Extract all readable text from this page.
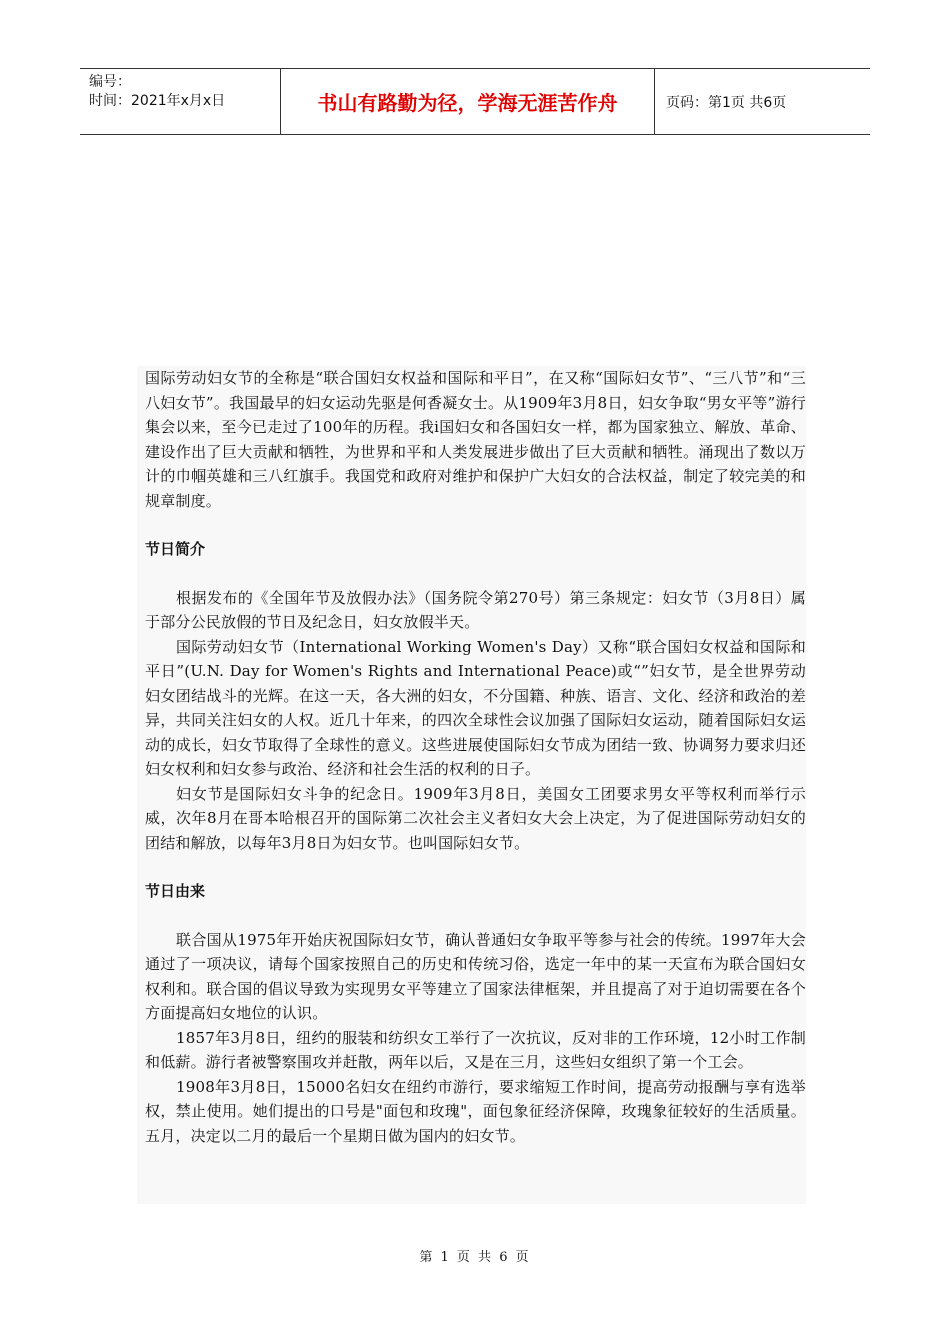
编号：
时间：2021年x月x日	书山有路勤为径，学海无涯苦作舟	页码：第1页 共6页

国际劳动妇女节的全称是“联合国妇女权益和国际和平日”，在又称“国际妇女节”、“三八节”和“三八妇女节”。我国最早的妇女运动先驱是何香凝女士。从1909年3月8日，妇女争取“男女平等”游行集会以来，至今已走过了100年的历程。我i国妇女和各国妇女一样，都为国家独立、解放、革命、建设作出了巨大贡献和牺牲，为世界和平和人类发展进步做出了巨大贡献和牺牲。涌现出了数以万计的巾帼英雄和三八红旗手。我国党和政府对维护和保护广大妇女的合法权益，制定了较完美的和规章制度。

节日简介

根据发布的《全国年节及放假办法》（国务院令第270号）第三条规定：妇女节（3月8日）属于部分公民放假的节日及纪念日，妇女放假半天。

国际劳动妇女节（International Working Women's Day）又称“联合国妇女权益和国际和平日”(U.N. Day for Women's Rights and International Peace)或“”妇女节，是全世界劳动妇女团结战斗的光辉。在这一天，各大洲的妇女，不分国籍、种族、语言、文化、经济和政治的差异，共同关注妇女的人权。近几十年来，的四次全球性会议加强了国际妇女运动，随着国际妇女运动的成长，妇女节取得了全球性的意义。这些进展使国际妇女节成为团结一致、协调努力要求归还妇女权利和妇女参与政治、经济和社会生活的权利的日子。

妇女节是国际妇女斗争的纪念日。1909年3月8日，美国女工团要求男女平等权利而举行示威，次年8月在哥本哈根召开的国际第二次社会主义者妇女大会上决定，为了促进国际劳动妇女的团结和解放，以每年3月8日为妇女节。也叫国际妇女节。

节日由来

联合国从1975年开始庆祝国际妇女节，确认普通妇女争取平等参与社会的传统。1997年大会通过了一项决议，请每个国家按照自己的历史和传统习俗，选定一年中的某一天宣布为联合国妇女权利和。联合国的倡议导致为实现男女平等建立了国家法律框架，并且提高了对于迫切需要在各个方面提高妇女地位的认识。

1857年3月8日，纽约的服装和纺织女工举行了一次抗议，反对非的工作环境，12小时工作制和低薪。游行者被警察围攻并赶散，两年以后，又是在三月，这些妇女组织了第一个工会。

1908年3月8日，15000名妇女在纽约市游行，要求缩短工作时间，提高劳动报酬与享有选举权，禁止使用。她们提出的口号是"面包和玫瑰"，面包象征经济保障，玫瑰象征较好的生活质量。五月，决定以二月的最后一个星期日做为国内的妇女节。

第 1 页 共 6 页
